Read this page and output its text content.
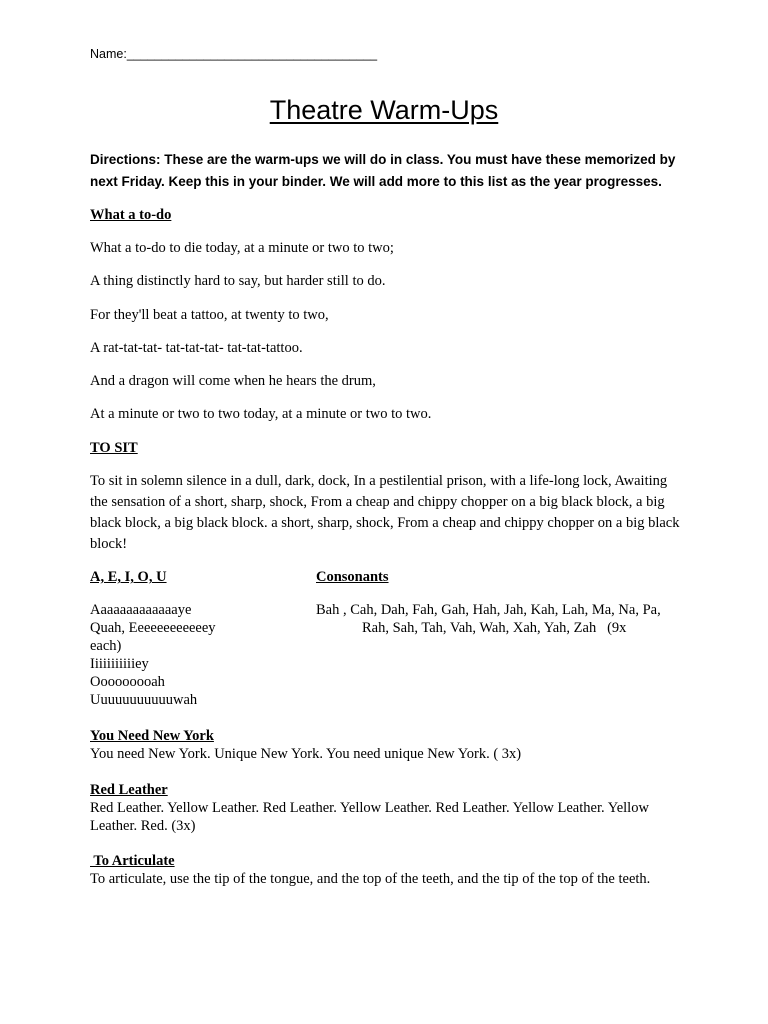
Name:____________________________________
Theatre Warm-Ups
Directions: These are the warm-ups we will do in class. You must have these memorized by next Friday. Keep this in your binder. We will add more to this list as the year progresses.
What a to-do
What a to-do to die today, at a minute or two to two;
A thing distinctly hard to say, but harder still to do.
For they'll beat a tattoo, at twenty to two,
A rat-tat-tat- tat-tat-tat- tat-tat-tattoo.
And a dragon will come when he hears the drum,
At a minute or two to two today, at a minute or two to two.
TO SIT
To sit in solemn silence in a dull, dark, dock, In a pestilential prison, with a life-long lock, Awaiting the sensation of a short, sharp, shock, From a cheap and chippy chopper on a big black block, a big black block, a big black block. a short, sharp, shock, From a cheap and chippy chopper on a big black block!
A, E, I, O, U	Consonants
Aaaaaaaaaaaaaye
Quah, Eeeeeeeeeeeey
each)
Iiiiiiiiiiiey
Ooooooooah
Uuuuuuuuuuuwah
Bah , Cah, Dah, Fah, Gah, Hah, Jah, Kah, Lah, Ma, Na, Pa,
Rah, Sah, Tah, Vah, Wah, Xah, Yah, Zah   (9x
You Need New York
You need New York. Unique New York. You need unique New York. ( 3x)
Red Leather
Red Leather. Yellow Leather. Red Leather. Yellow Leather. Red Leather. Yellow Leather. Yellow Leather. Red. (3x)
To Articulate
To articulate, use the tip of the tongue, and the top of the teeth, and the tip of the top of the teeth.
